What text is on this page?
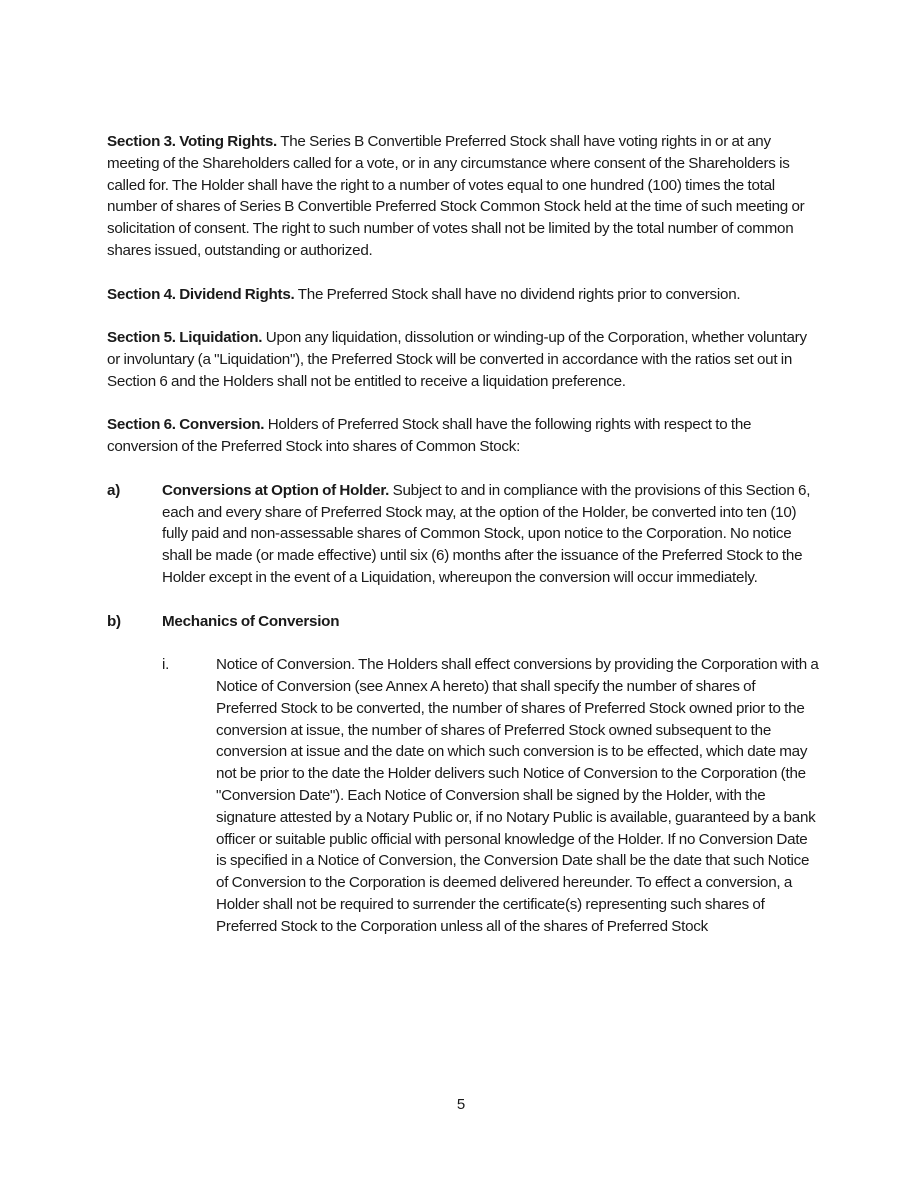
Section 3. Voting Rights. The Series B Convertible Preferred Stock shall have voting rights in or at any meeting of the Shareholders called for a vote, or in any circumstance where consent of the Shareholders is called for. The Holder shall have the right to a number of votes equal to one hundred (100) times the total number of shares of Series B Convertible Preferred Stock Common Stock held at the time of such meeting or solicitation of consent. The right to such number of votes shall not be limited by the total number of common shares issued, outstanding or authorized.

Section 4. Dividend Rights. The Preferred Stock shall have no dividend rights prior to conversion.

Section 5. Liquidation. Upon any liquidation, dissolution or winding-up of the Corporation, whether voluntary or involuntary (a "Liquidation"), the Preferred Stock will be converted in accordance with the ratios set out in Section 6 and the Holders shall not be entitled to receive a liquidation preference.

Section 6. Conversion. Holders of Preferred Stock shall have the following rights with respect to the conversion of the Preferred Stock into shares of Common Stock:

a)	Conversions at Option of Holder. Subject to and in compliance with the provisions of this Section 6, each and every share of Preferred Stock may, at the option of the Holder, be converted into ten (10) fully paid and non-assessable shares of Common Stock, upon notice to the Corporation. No notice shall be made (or made effective) until six (6) months after the issuance of the Preferred Stock to the Holder except in the event of a Liquidation, whereupon the conversion will occur immediately.
b)	Mechanics of Conversion
i.	Notice of Conversion. The Holders shall effect conversions by providing the Corporation with a Notice of Conversion (see Annex A hereto) that shall specify the number of shares of Preferred Stock to be converted, the number of shares of Preferred Stock owned prior to the conversion at issue, the number of shares of Preferred Stock owned subsequent to the conversion at issue and the date on which such conversion is to be effected, which date may not be prior to the date the Holder delivers such Notice of Conversion to the Corporation (the "Conversion Date"). Each Notice of Conversion shall be signed by the Holder, with the signature attested by a Notary Public or, if no Notary Public is available, guaranteed by a bank officer or suitable public official with personal knowledge of the Holder. If no Conversion Date is specified in a Notice of Conversion, the Conversion Date shall be the date that such Notice of Conversion to the Corporation is deemed delivered hereunder. To effect a conversion, a Holder shall not be required to surrender the certificate(s) representing such shares of Preferred Stock to the Corporation unless all of the shares of Preferred Stock
5
